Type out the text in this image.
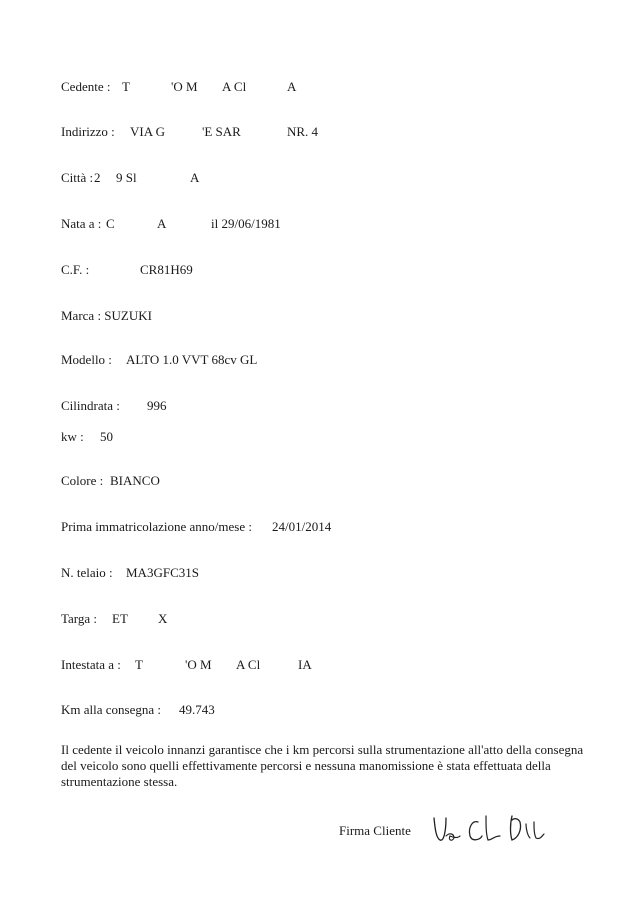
Cedente : T	'O M A Cl	A
Indirizzo : VIA G	'E SAR	NR. 4
Città : 2 9 Sl	A
Nata a : C	A	il 29/06/1981
C.F. :	CR81H69
Marca : SUZUKI
Modello : ALTO 1.0 VVT 68cv GL
Cilindrata : 996
kw : 50
Colore : BIANCO
Prima immatricolazione anno/mese : 24/01/2014
N. telaio : MA3GFC31S
Targa : ET X
Intestata a : T	'O M A Cl	IA
Km alla consegna : 49.743
Il cedente il veicolo innanzi garantisce che i km percorsi sulla strumentazione all'atto della consegna del veicolo sono quelli effettivamente percorsi e nessuna manomissione è stata effettuata della strumentazione stessa.
Firma Cliente
